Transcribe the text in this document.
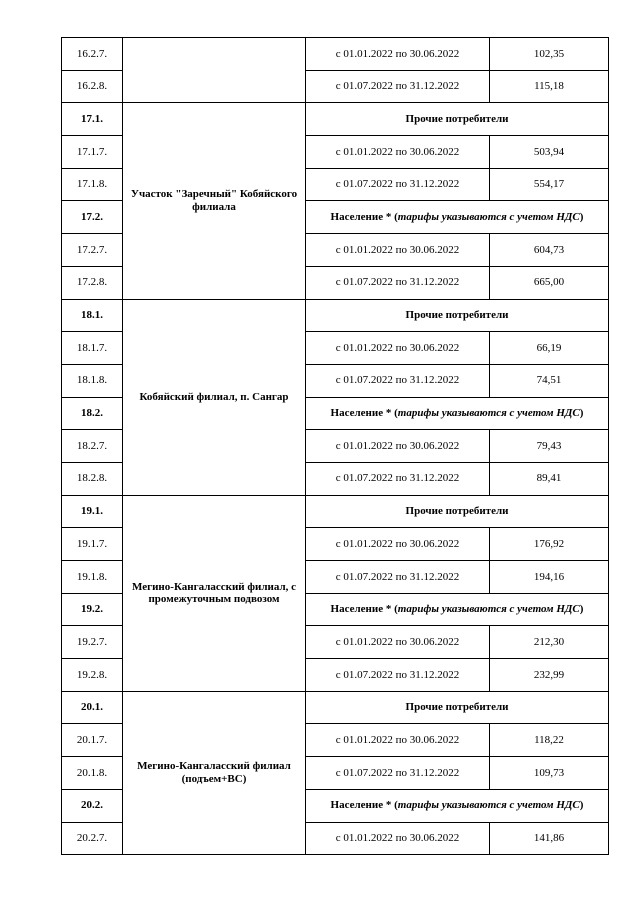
16.2.7.		с 01.01.2022 по 30.06.2022	102,35
16.2.8.		с 01.07.2022 по 31.12.2022	115,18
17.1.	Участок "Заречный" Кобяйского филиала	Прочие потребители	
17.1.7.		с 01.01.2022 по 30.06.2022	503,94
17.1.8.		с 01.07.2022 по 31.12.2022	554,17
17.2.		Население * (тарифы указываются с учетом НДС)	
17.2.7.		с 01.01.2022 по 30.06.2022	604,73
17.2.8.		с 01.07.2022 по 31.12.2022	665,00
18.1.	Кобяйский филиал, п. Сангар	Прочие потребители	
18.1.7.		с 01.01.2022 по 30.06.2022	66,19
18.1.8.		с 01.07.2022 по 31.12.2022	74,51
18.2.		Население * (тарифы указываются с учетом НДС)	
18.2.7.		с 01.01.2022 по 30.06.2022	79,43
18.2.8.		с 01.07.2022 по 31.12.2022	89,41
19.1.	Мегино-Кангаласский филиал, с промежуточным подвозом	Прочие потребители	
19.1.7.		с 01.01.2022 по 30.06.2022	176,92
19.1.8.		с 01.07.2022 по 31.12.2022	194,16
19.2.		Население * (тарифы указываются с учетом НДС)	
19.2.7.		с 01.01.2022 по 30.06.2022	212,30
19.2.8.		с 01.07.2022 по 31.12.2022	232,99
20.1.	Мегино-Кангаласский филиал (подъем+ВС)	Прочие потребители	
20.1.7.		с 01.01.2022 по 30.06.2022	118,22
20.1.8.		с 01.07.2022 по 31.12.2022	109,73
20.2.		Население * (тарифы указываются с учетом НДС)	
20.2.7.		с 01.01.2022 по 30.06.2022	141,86
